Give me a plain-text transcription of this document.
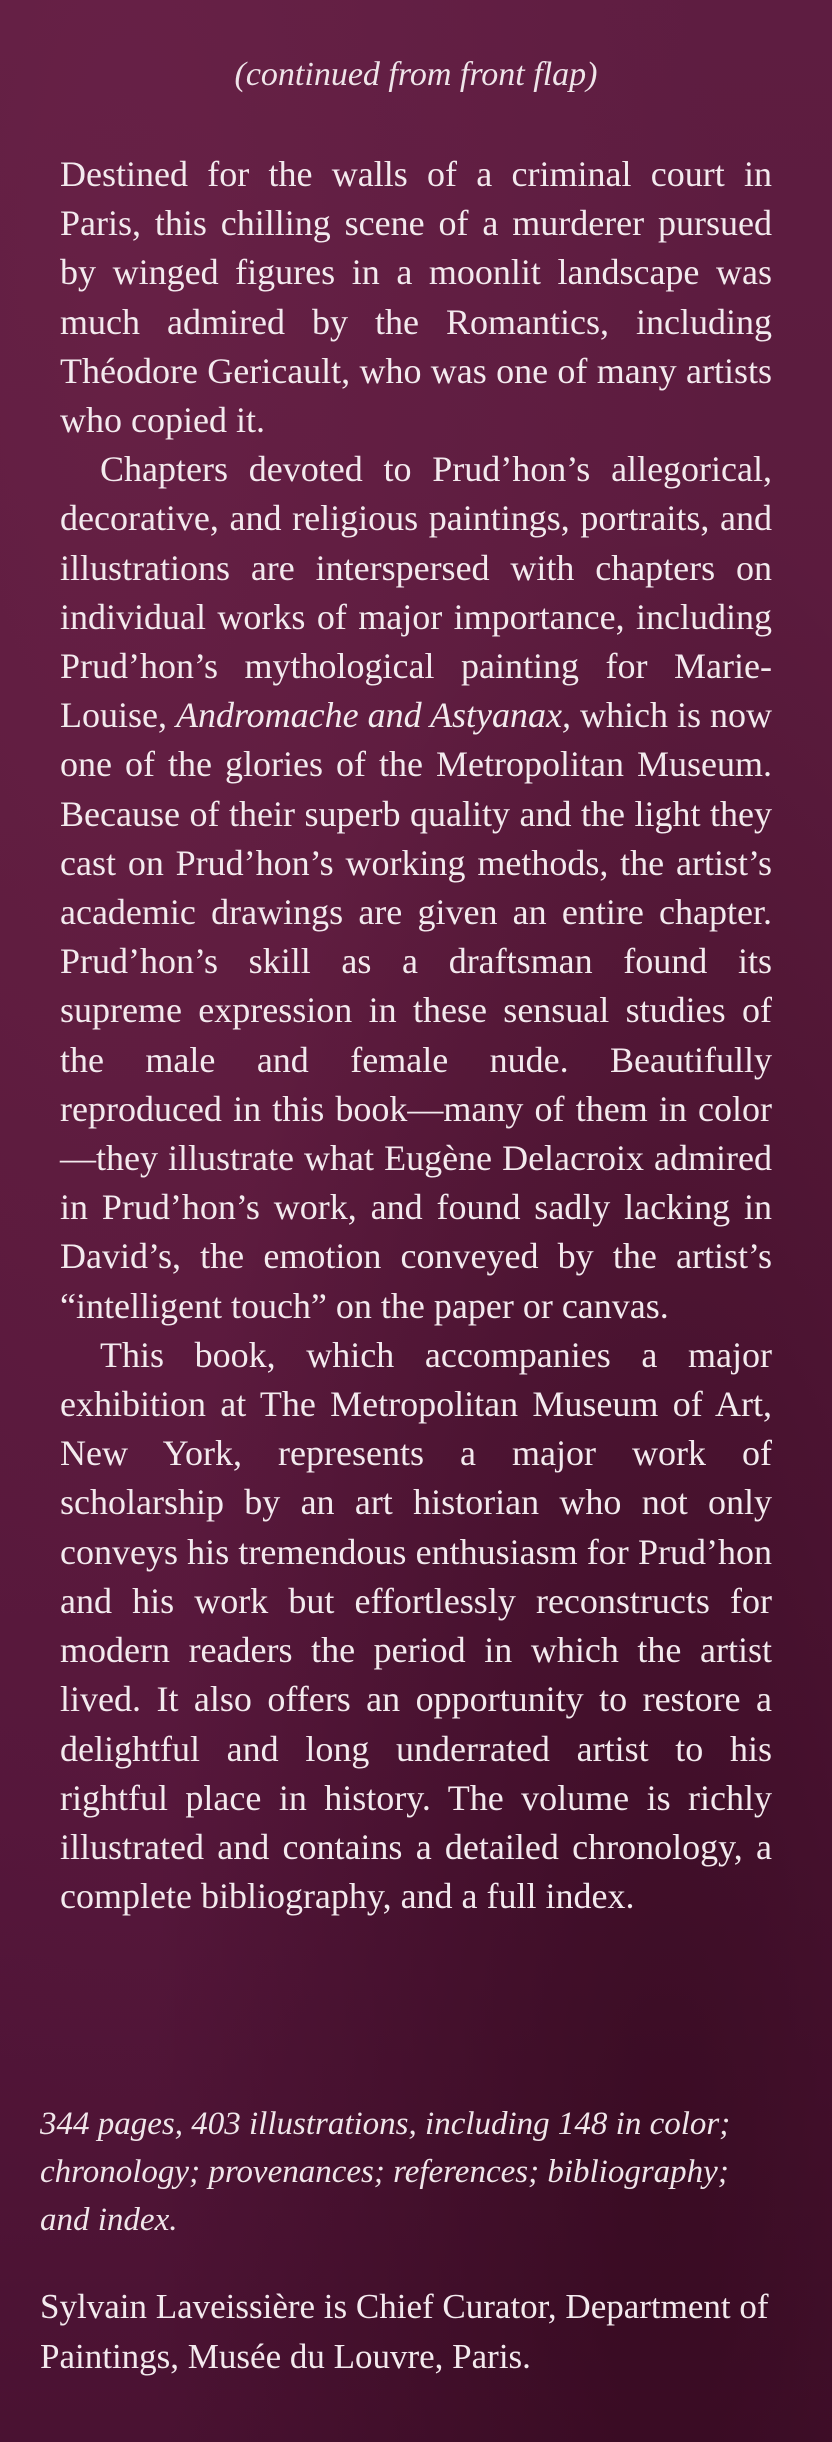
(continued from front flap)

Destined for the walls of a criminal court in Paris, this chilling scene of a murderer pursued by winged figures in a moonlit landscape was much admired by the Romantics, including Théodore Gericault, who was one of many artists who copied it.

Chapters devoted to Prud’hon’s allegorical, decorative, and religious paintings, portraits, and illustrations are interspersed with chapters on individual works of major importance, including Prud’hon’s mythological painting for Marie-Louise, Andromache and Astyanax, which is now one of the glories of the Metropolitan Museum. Because of their superb quality and the light they cast on Prud’hon’s working methods, the artist’s academic drawings are given an entire chapter. Prud’hon’s skill as a draftsman found its supreme expression in these sensual studies of the male and female nude. Beautifully reproduced in this book—many of them in color—they illustrate what Eugène Delacroix admired in Prud’hon’s work, and found sadly lacking in David’s, the emotion conveyed by the artist’s “intelligent touch” on the paper or canvas.

This book, which accompanies a major exhibition at The Metropolitan Museum of Art, New York, represents a major work of scholarship by an art historian who not only conveys his tremendous enthusiasm for Prud’hon and his work but effortlessly reconstructs for modern readers the period in which the artist lived. It also offers an opportunity to restore a delightful and long underrated artist to his rightful place in history. The volume is richly illustrated and contains a detailed chronology, a complete bibliography, and a full index.

344 pages, 403 illustrations, including 148 in color; chronology; provenances; references; bibliography; and index.
Sylvain Laveissière is Chief Curator, Department of Paintings, Musée du Louvre, Paris.
